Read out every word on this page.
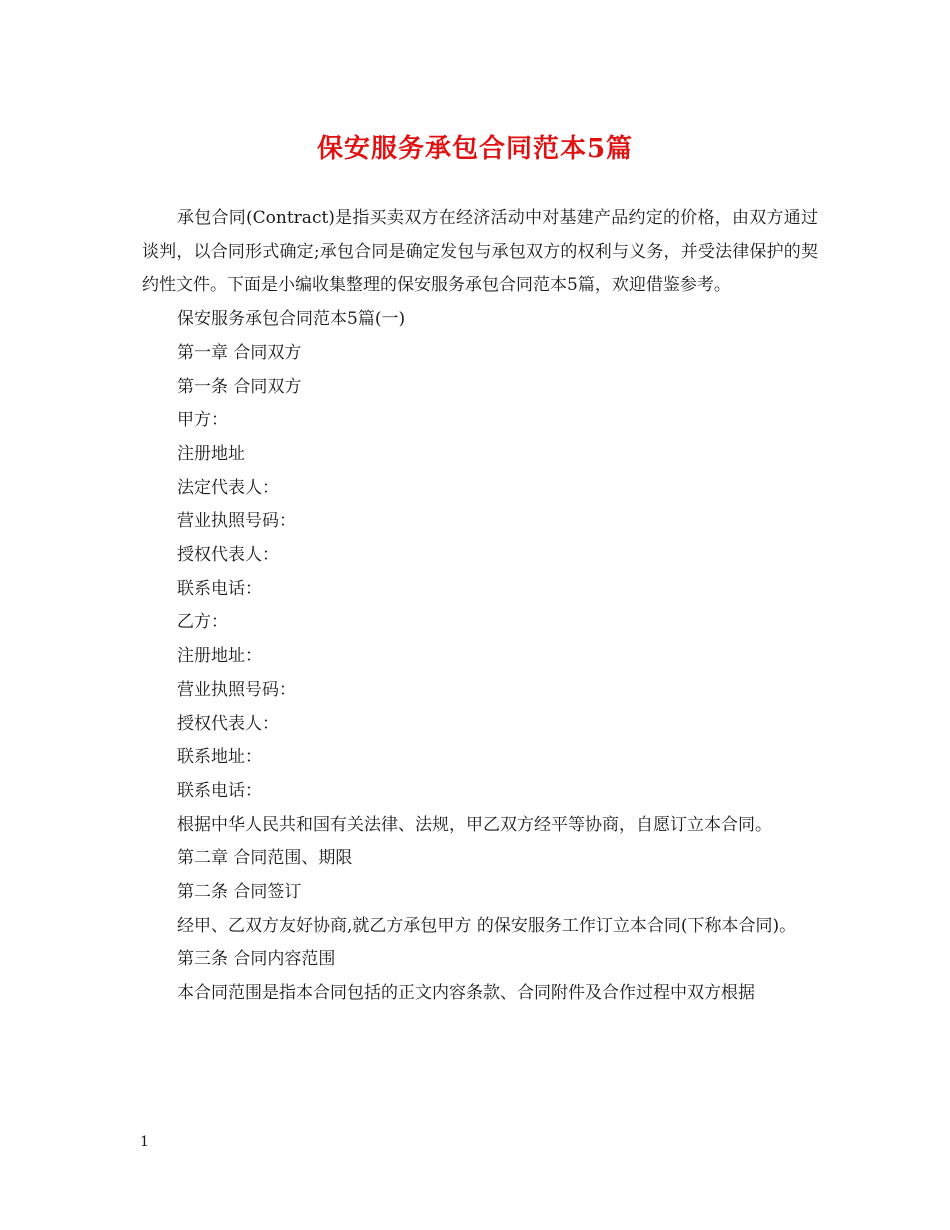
保安服务承包合同范本5篇

承包合同(Contract)是指买卖双方在经济活动中对基建产品约定的价格，由双方通过谈判，以合同形式确定;承包合同是确定发包与承包双方的权利与义务，并受法律保护的契约性文件。下面是小编收集整理的保安服务承包合同范本5篇，欢迎借鉴参考。

保安服务承包合同范本5篇(一)

第一章 合同双方

第一条 合同双方

甲方：

注册地址

法定代表人：

营业执照号码：

授权代表人：

联系电话：

乙方：

注册地址：

营业执照号码：

授权代表人：

联系地址：

联系电话：

根据中华人民共和国有关法律、法规，甲乙双方经平等协商，自愿订立本合同。

第二章 合同范围、期限

第二条 合同签订

经甲、乙双方友好协商,就乙方承包甲方 的保安服务工作订立本合同(下称本合同)。

第三条 合同内容范围

本合同范围是指本合同包括的正文内容条款、合同附件及合作过程中双方根据

1
